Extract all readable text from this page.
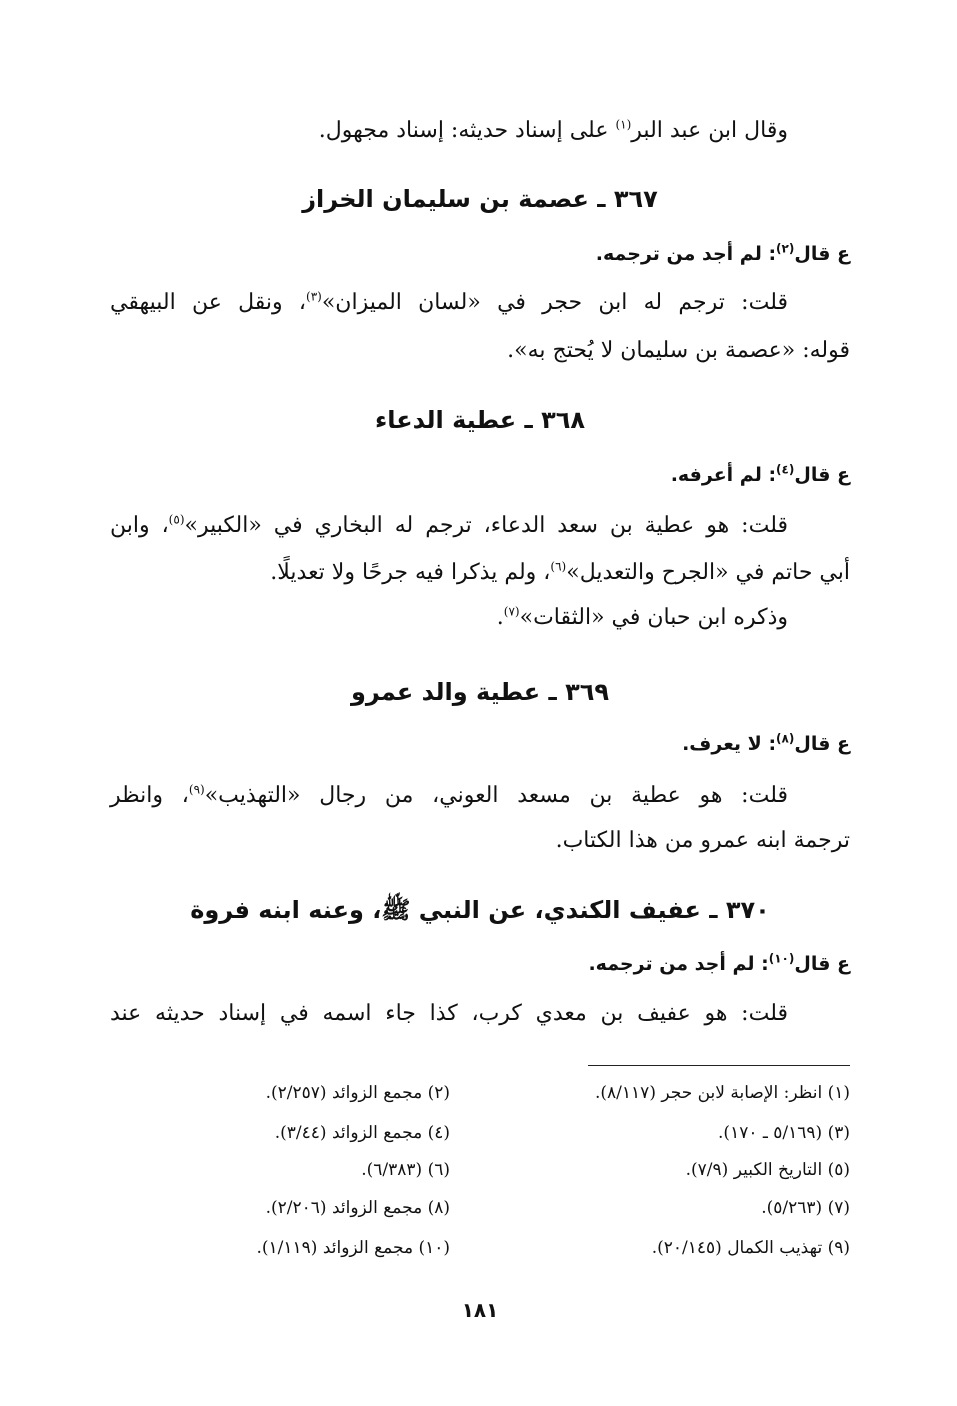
وقال ابن عبد البر$^{(١)}$ على إسناد حديثه: إسناد مجهول.
٣٦٧ ـ عصمة بن سليمان الخراز
ع قال$^{(٢)}$: لم أجد من ترجمه.
قلت: ترجم له ابن حجر في «لسان الميزان»$^{(٣)}$، ونقل عن البيهقي
قوله: «عصمة بن سليمان لا يُحتج به».
٣٦٨ ـ عطية الدعاء
ع قال$^{(٤)}$: لم أعرفه.
قلت: هو عطية بن سعد الدعاء، ترجم له البخاري في «الكبير»$^{(٥)}$، وابن
أبي حاتم في «الجرح والتعديل»$^{(٦)}$، ولم يذكرا فيه جرحًا ولا تعديلًا.
وذكره ابن حبان في «الثقات»$^{(٧)}$.
٣٦٩ ـ عطية والد عمرو
ع قال$^{(٨)}$: لا يعرف.
قلت: هو عطية بن مسعد العوني، من رجال «التهذيب»$^{(٩)}$، وانظر
ترجمة ابنه عمرو من هذا الكتاب.
٣٧٠ ـ عفيف الكندي، عن النبي ﷺ، وعنه ابنه فروة
ع قال$^{(١٠)}$: لم أجد من ترجمه.
قلت: هو عفيف بن معدي كرب، كذا جاء اسمه في إسناد حديثه عند
(١) انظر: الإصابة لابن حجر (٨/١١٧).
(٢) مجمع الزوائد (٢/٢٥٧).
(٣) (٥/١٦٩ ـ ١٧٠).
(٤) مجمع الزوائد (٣/٤٤).
(٥) التاريخ الكبير (٧/٩).
(٦) (٦/٣٨٣).
(٧) (٥/٢٦٣).
(٨) مجمع الزوائد (٢/٢٠٦).
(٩) تهذيب الكمال (٢٠/١٤٥).
(١٠) مجمع الزوائد (١/١١٩).
١٨١
